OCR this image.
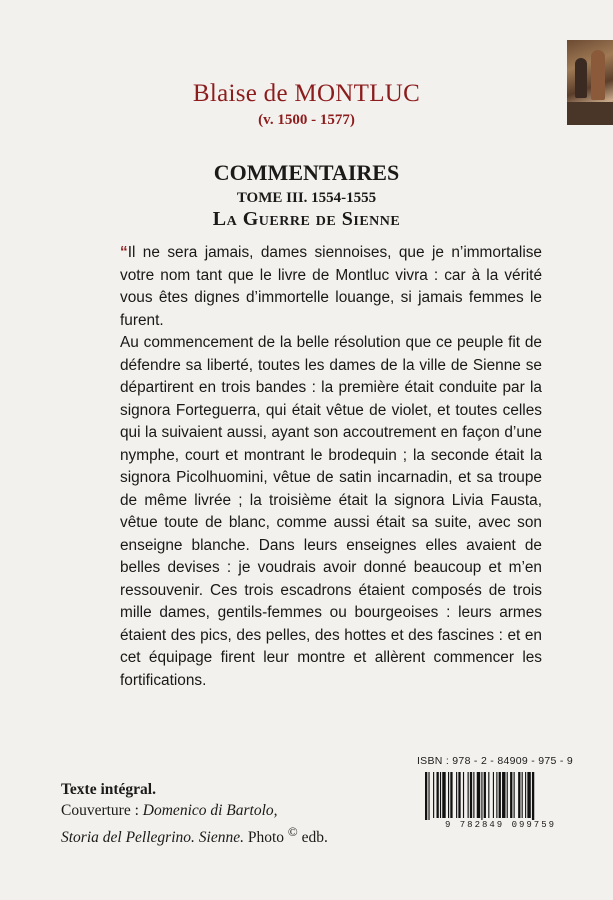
Blaise de MONTLUC
(v. 1500 - 1577)
COMMENTAIRES
TOME III. 1554-1555
La Guerre de Sienne

“Il ne sera jamais, dames siennoises, que je n’immortalise votre nom tant que le livre de Montluc vivra : car à la vérité vous êtes dignes d’immortelle louange, si jamais femmes le furent.

Au commencement de la belle résolution que ce peuple fit de défendre sa liberté, toutes les dames de la ville de Sienne se départirent en trois bandes : la première était conduite par la signora Forteguerra, qui était vêtue de violet, et toutes celles qui la suivaient aussi, ayant son accoutrement en façon d’une nymphe, court et montrant le brodequin ; la seconde était la signora Picolhuomini, vêtue de satin incarnadin, et sa troupe de même livrée ; la troisième était la signora Livia Fausta, vêtue toute de blanc, comme aussi était sa suite, avec son enseigne blanche. Dans leurs enseignes elles avaient de belles devises : je voudrais avoir donné beaucoup et m’en ressouvenir. Ces trois escadrons étaient composés de trois mille dames, gentils-femmes ou bourgeoises : leurs armes étaient des pics, des pelles, des hottes et des fascines : et en cet équipage firent leur montre et allèrent commencer les fortifications.

ISBN : 978 - 2 - 84909 - 975 - 9
9 782849 099759
Texte intégral.
Couverture : Domenico di Bartolo,
Storia del Pellegrino. Sienne. Photo © edb.
